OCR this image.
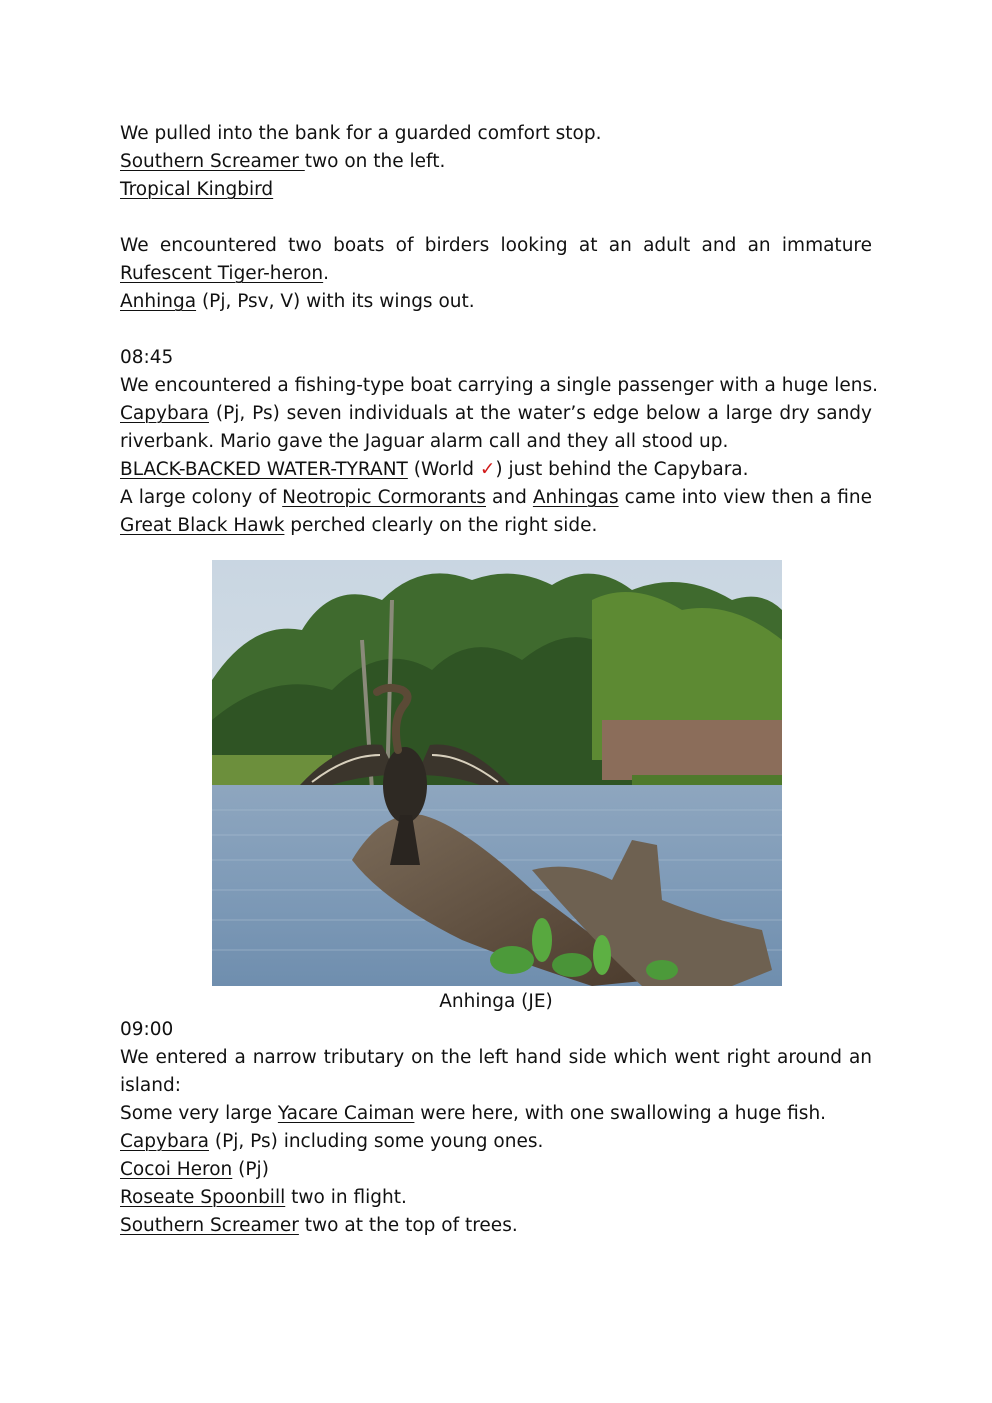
We pulled into the bank for a guarded comfort stop.

Southern Screamer two on the left.

Tropical Kingbird

We encountered two boats of birders looking at an adult and an immature Rufescent Tiger-heron.

Anhinga (Pj, Psv, V) with its wings out.

08:45

We encountered a fishing-type boat carrying a single passenger with a huge lens.

Capybara (Pj, Ps) seven individuals at the water’s edge below a large dry sandy riverbank. Mario gave the Jaguar alarm call and they all stood up.

BLACK-BACKED WATER-TYRANT (World ✓) just behind the Capybara.

A large colony of Neotropic Cormorants and Anhingas came into view then a fine Great Black Hawk perched clearly on the right side.

Anhinga (JE)

09:00

We entered a narrow tributary on the left hand side which went right around an island:

Some very large Yacare Caiman were here, with one swallowing a huge fish.

Capybara (Pj, Ps) including some young ones.

Cocoi Heron (Pj)

Roseate Spoonbill two in flight.

Southern Screamer two at the top of trees.
